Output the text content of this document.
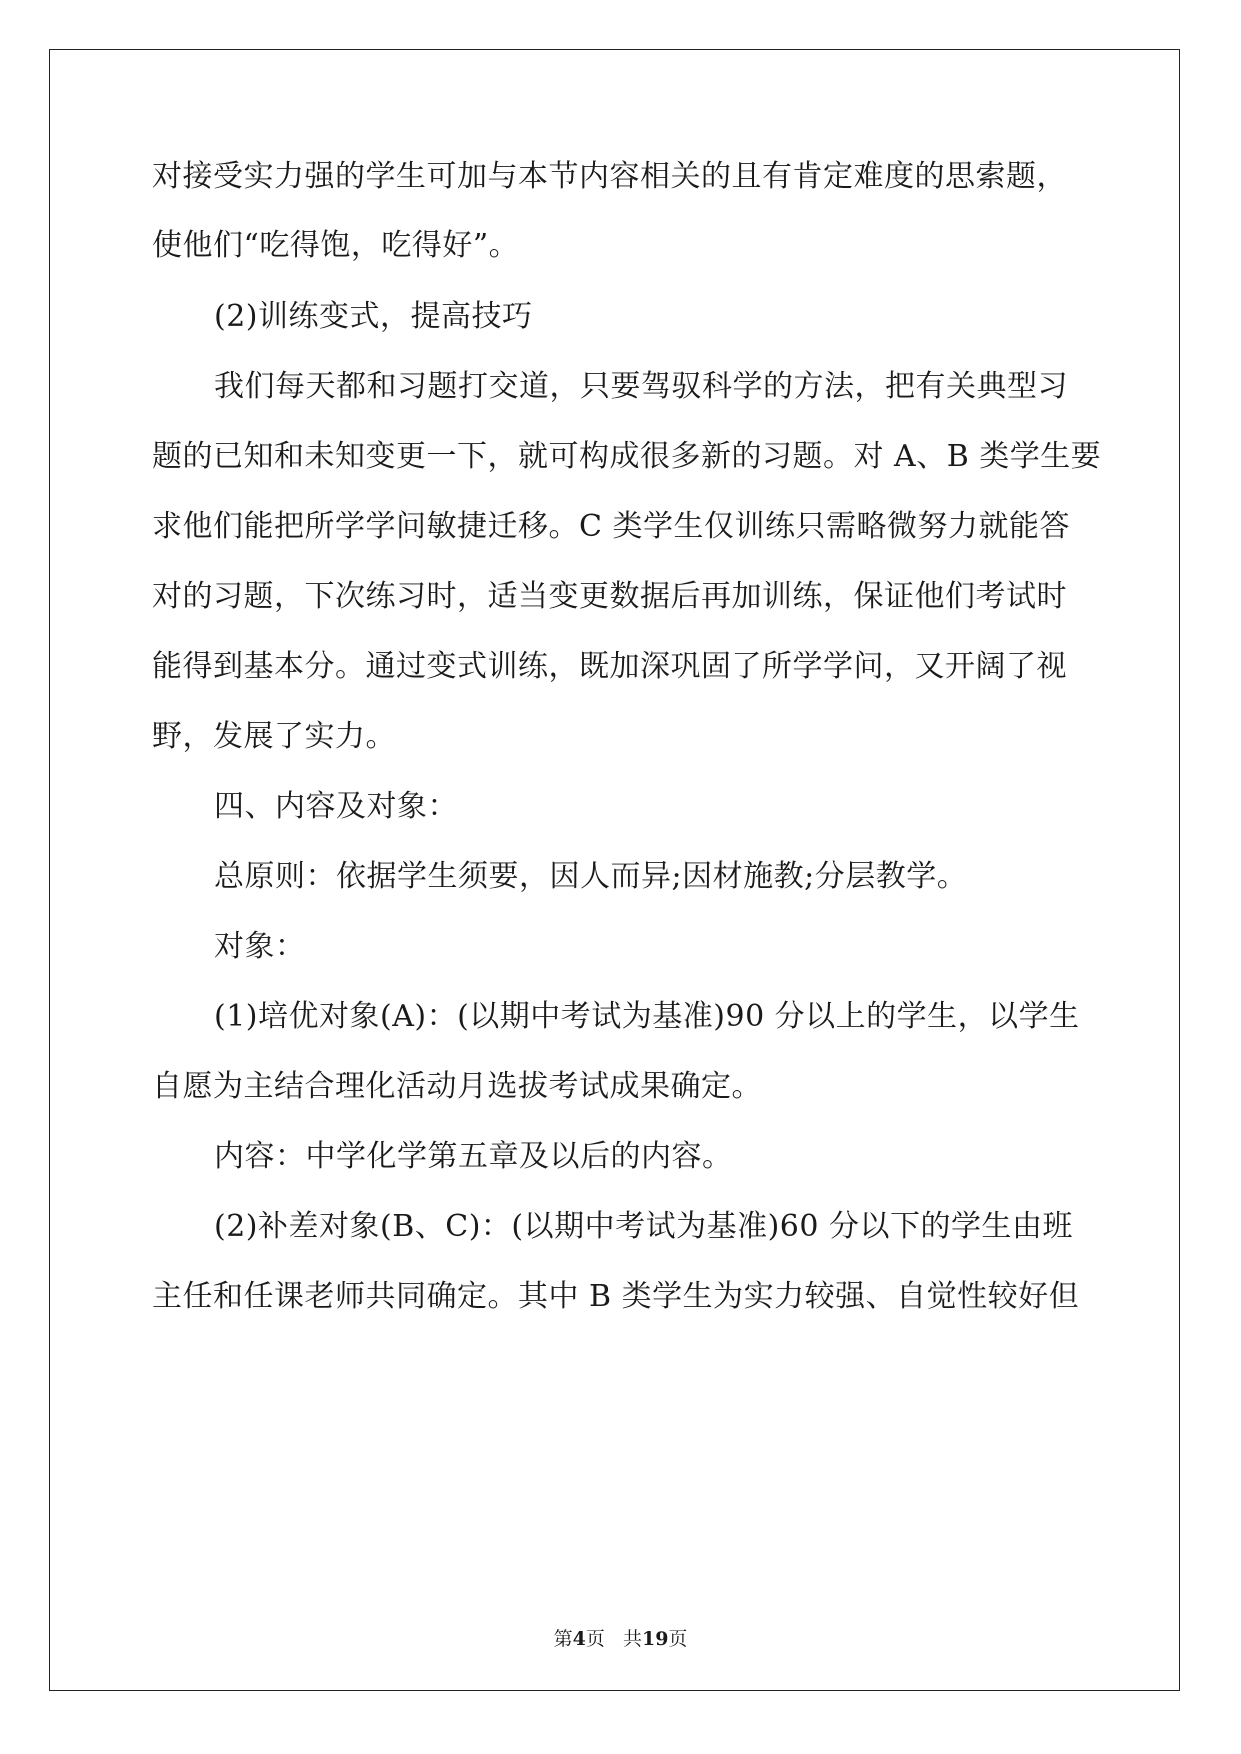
对接受实力强的学生可加与本节内容相关的且有肯定难度的思索题，
使他们“吃得饱，吃得好”。
(2)训练变式，提高技巧
我们每天都和习题打交道，只要驾驭科学的方法，把有关典型习
题的已知和未知变更一下，就可构成很多新的习题。对 A、B 类学生要
求他们能把所学学问敏捷迁移。C 类学生仅训练只需略微努力就能答
对的习题，下次练习时，适当变更数据后再加训练，保证他们考试时
能得到基本分。通过变式训练，既加深巩固了所学学问，又开阔了视
野，发展了实力。
四、内容及对象：
总原则：依据学生须要，因人而异;因材施教;分层教学。
对象：
(1)培优对象(A)：(以期中考试为基准)90 分以上的学生，以学生
自愿为主结合理化活动月选拔考试成果确定。
内容：中学化学第五章及以后的内容。
(2)补差对象(B、C)：(以期中考试为基准)60 分以下的学生由班
主任和任课老师共同确定。其中 B 类学生为实力较强、自觉性较好但
第4页 共19页
